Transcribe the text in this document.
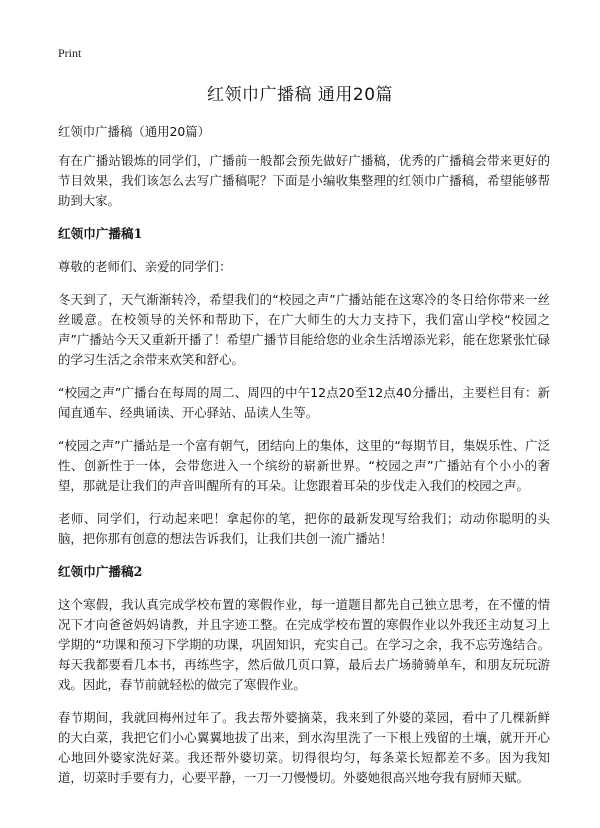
Print
红领巾广播稿 通用20篇

红领巾广播稿（通用20篇）

有在广播站锻炼的同学们，广播前一般都会预先做好广播稿，优秀的广播稿会带来更好的节目效果，我们该怎么去写广播稿呢？下面是小编收集整理的红领巾广播稿，希望能够帮助到大家。

红领巾广播稿1

尊敬的老师们、亲爱的同学们：

冬天到了，天气渐渐转冷，希望我们的“校园之声”广播站能在这寒冷的冬日给你带来一丝丝暖意。在校领导的关怀和帮助下，在广大师生的大力支持下，我们富山学校“校园之声”广播站今天又重新开播了！希望广播节目能给您的业余生活增添光彩，能在您紧张忙碌的学习生活之余带来欢笑和舒心。

“校园之声”广播台在每周的周二、周四的中午12点20至12点40分播出，主要栏目有：新闻直通车、经典诵读、开心驿站、品读人生等。

“校园之声”广播站是一个富有朝气，团结向上的集体，这里的“每期节目，集娱乐性、广泛性、创新性于一体，会带您进入一个缤纷的崭新世界。“校园之声”广播站有个小小的奢望，那就是让我们的声音叫醒所有的耳朵。让您跟着耳朵的步伐走入我们的校园之声。

老师、同学们，行动起来吧！拿起你的笔，把你的最新发现写给我们；动动你聪明的头脑，把你那有创意的想法告诉我们，让我们共创一流广播站！

红领巾广播稿2

这个寒假，我认真完成学校布置的寒假作业，每一道题目都先自己独立思考，在不懂的情况下才向爸爸妈妈请教，并且字迹工整。在完成学校布置的寒假作业以外我还主动复习上学期的“功课和预习下学期的功课，巩固知识，充实自己。在学习之余，我不忘劳逸结合。每天我都要看几本书，再练些字，然后做几页口算，最后去广场骑骑单车，和朋友玩玩游戏。因此，春节前就轻松的做完了寒假作业。

春节期间，我就回梅州过年了。我去帮外婆摘菜，我来到了外婆的菜园，看中了几棵新鲜的大白菜，我把它们小心翼翼地拔了出来，到水沟里洗了一下根上残留的土壤，就开开心心地回外婆家洗好菜。我还帮外婆切菜。切得很均匀，每条菜长短都差不多。因为我知道，切菜时手要有力，心要平静，一刀一刀慢慢切。外婆她很高兴地夸我有厨师天赋。
